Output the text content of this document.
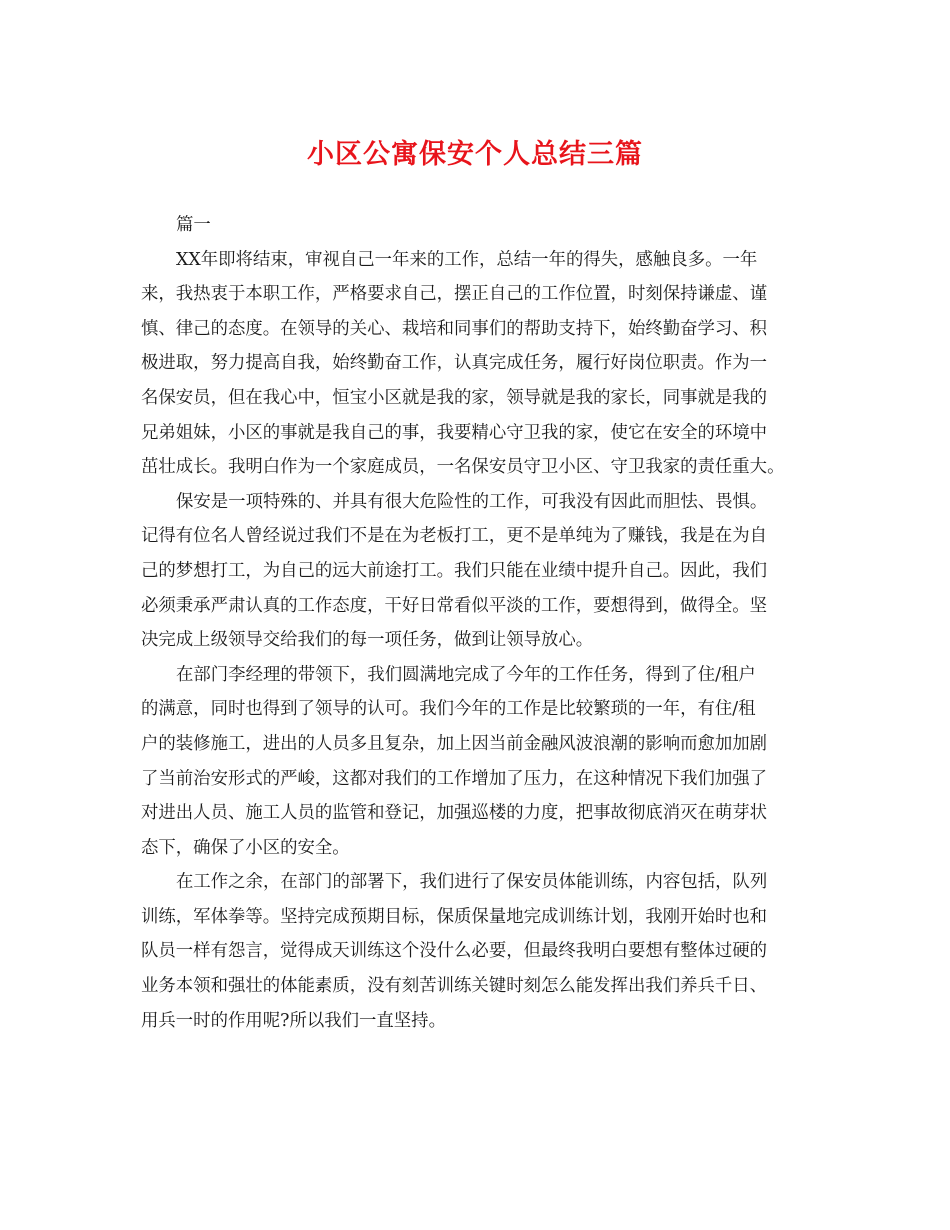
小区公寓保安个人总结三篇

篇一

XX年即将结束，审视自己一年来的工作，总结一年的得失，感触良多。一年

来，我热衷于本职工作，严格要求自己，摆正自己的工作位置，时刻保持谦虚、谨

慎、律己的态度。在领导的关心、栽培和同事们的帮助支持下，始终勤奋学习、积

极进取，努力提高自我，始终勤奋工作，认真完成任务，履行好岗位职责。作为一

名保安员，但在我心中，恒宝小区就是我的家，领导就是我的家长，同事就是我的

兄弟姐妹，小区的事就是我自己的事，我要精心守卫我的家，使它在安全的环境中

茁壮成长。我明白作为一个家庭成员，一名保安员守卫小区、守卫我家的责任重大。

保安是一项特殊的、并具有很大危险性的工作，可我没有因此而胆怯、畏惧。

记得有位名人曾经说过我们不是在为老板打工，更不是单纯为了赚钱，我是在为自

己的梦想打工，为自己的远大前途打工。我们只能在业绩中提升自己。因此，我们

必须秉承严肃认真的工作态度，干好日常看似平淡的工作，要想得到，做得全。坚

决完成上级领导交给我们的每一项任务，做到让领导放心。

在部门李经理的带领下，我们圆满地完成了今年的工作任务，得到了住/租户

的满意，同时也得到了领导的认可。我们今年的工作是比较繁琐的一年，有住/租

户的装修施工，进出的人员多且复杂，加上因当前金融风波浪潮的影响而愈加加剧

了当前治安形式的严峻，这都对我们的工作增加了压力，在这种情况下我们加强了

对进出人员、施工人员的监管和登记，加强巡楼的力度，把事故彻底消灭在萌芽状

态下，确保了小区的安全。

在工作之余，在部门的部署下，我们进行了保安员体能训练，内容包括，队列

训练，军体拳等。坚持完成预期目标，保质保量地完成训练计划，我刚开始时也和

队员一样有怨言，觉得成天训练这个没什么必要，但最终我明白要想有整体过硬的

业务本领和强壮的体能素质，没有刻苦训练关键时刻怎么能发挥出我们养兵千日、

用兵一时的作用呢?所以我们一直坚持。
